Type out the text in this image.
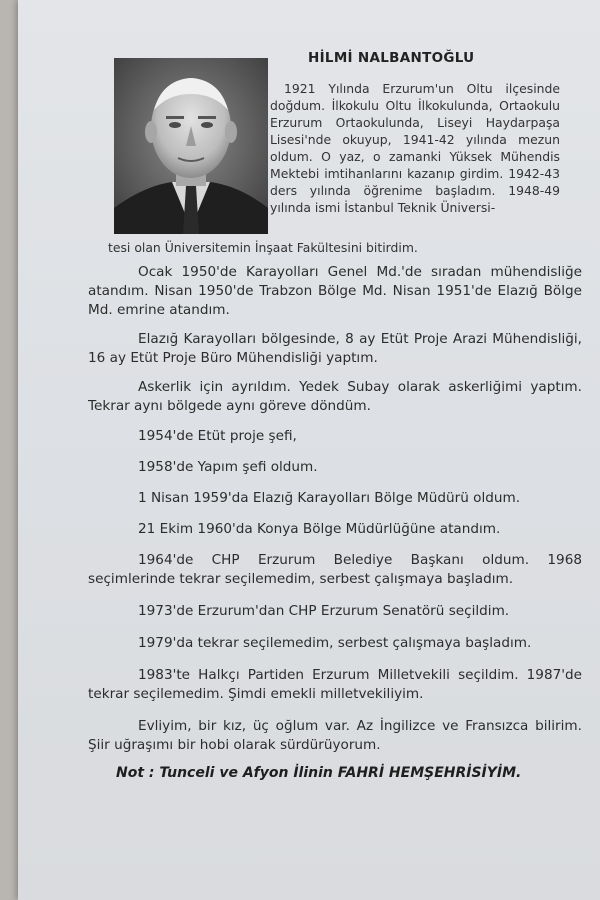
HİLMİ NALBANTOĞLU

1921 Yılında Erzurum'un Oltu ilçesinde doğdum. İlkokulu Oltu İlkokulunda, Ortaokulu Erzurum Ortaokulunda, Liseyi Haydarpaşa Lisesi'nde okuyup, 1941-42 yılında mezun oldum. O yaz, o zamanki Yüksek Mühendis Mektebi imtihanlarını kazanıp girdim. 1942-43 ders yılında öğrenime başladım. 1948-49 yılında ismi İstanbul Teknik Üniversi-

tesi olan Üniversitemin İnşaat Fakültesini bitirdim.

Ocak 1950'de Karayolları Genel Md.'de sıradan mühendisliğe atandım. Nisan 1950'de Trabzon Bölge Md. Nisan 1951'de Elazığ Bölge Md. emrine atandım.

Elazığ Karayolları bölgesinde, 8 ay Etüt Proje Arazi Mühendisliği, 16 ay Etüt Proje Büro Mühendisliği yaptım.

Askerlik için ayrıldım. Yedek Subay olarak askerliğimi yaptım. Tekrar aynı bölgede aynı göreve döndüm.

1954'de Etüt proje şefi,

1958'de Yapım şefi oldum.

1 Nisan 1959'da Elazığ Karayolları Bölge Müdürü oldum.

21 Ekim 1960'da Konya Bölge Müdürlüğüne atandım.

1964'de CHP Erzurum Belediye Başkanı oldum. 1968 seçimlerinde tekrar seçilemedim, serbest çalışmaya başladım.

1973'de Erzurum'dan CHP Erzurum Senatörü seçildim.

1979'da tekrar seçilemedim, serbest çalışmaya başladım.

1983'te Halkçı Partiden Erzurum Milletvekili seçildim. 1987'de tekrar seçilemedim. Şimdi emekli milletvekiliyim.

Evliyim, bir kız, üç oğlum var. Az İngilizce ve Fransızca bilirim. Şiir uğraşımı bir hobi olarak sürdürüyorum.

Not : Tunceli ve Afyon İlinin FAHRİ HEMŞEHRİSİYİM.
